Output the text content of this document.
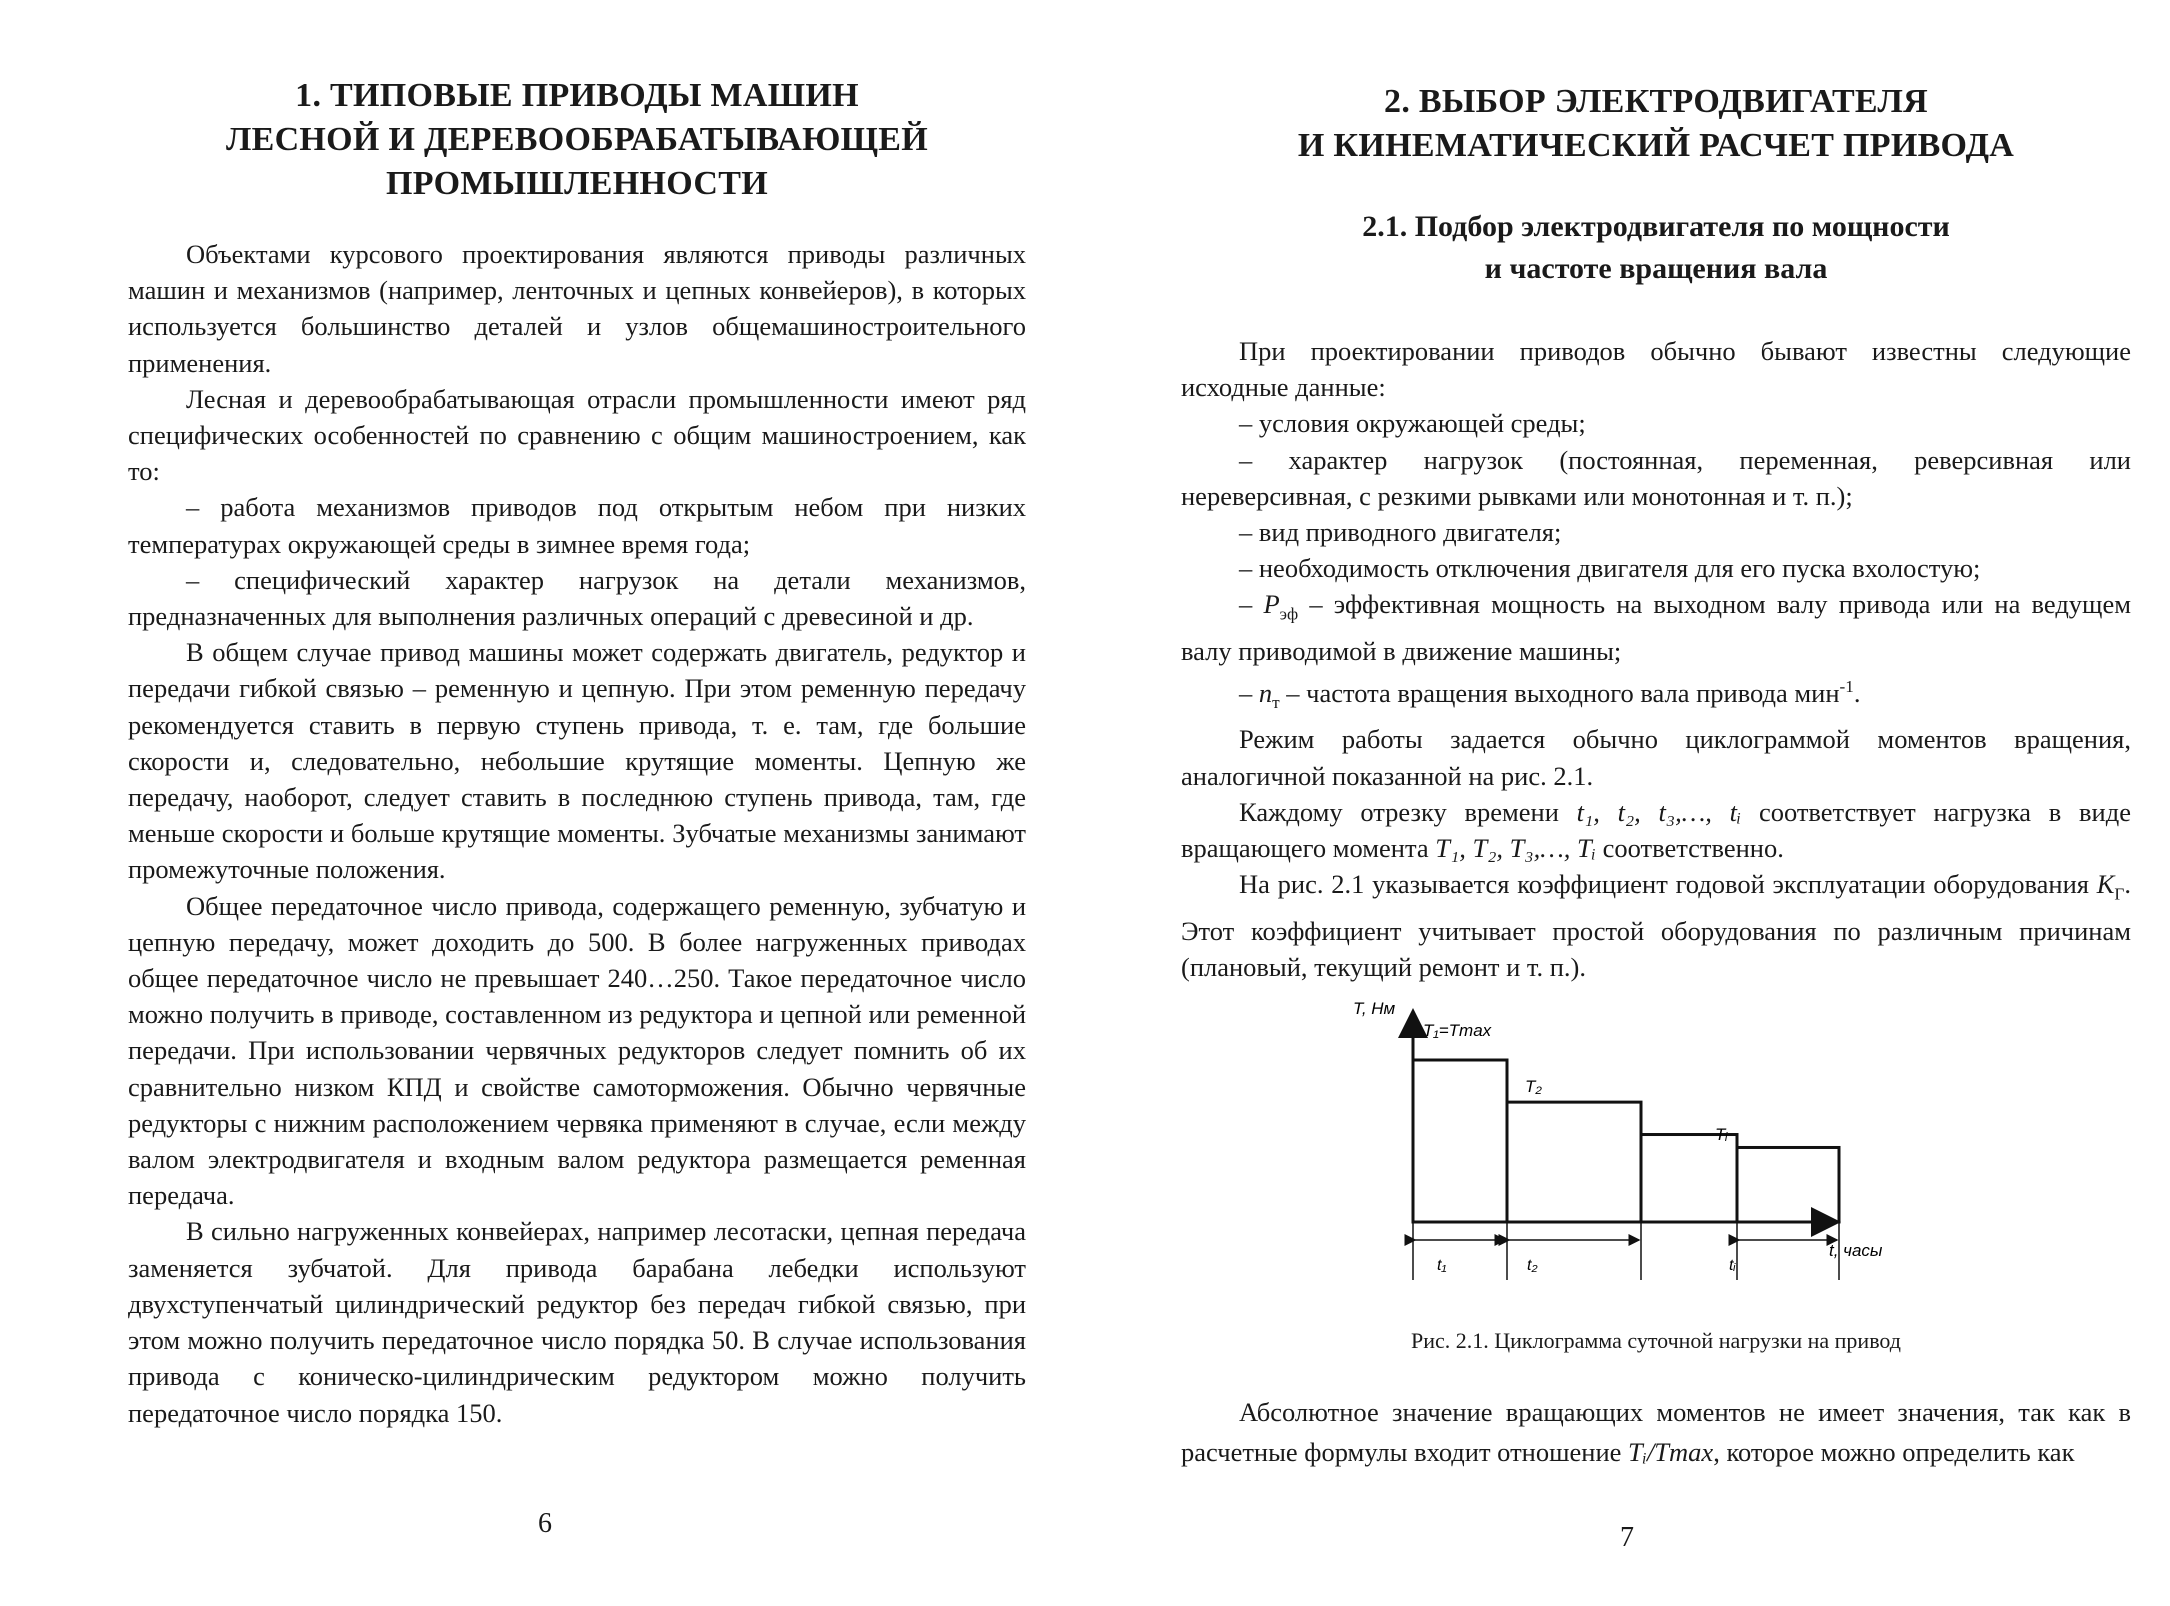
1. ТИПОВЫЕ ПРИВОДЫ МАШИН
ЛЕСНОЙ И ДЕРЕВООБРАБАТЫВАЮЩЕЙ
ПРОМЫШЛЕННОСТИ

Объектами курсового проектирования являются приводы различных машин и механизмов (например, ленточных и цепных конвейеров), в которых используется большинство деталей и узлов общемашиностроительного применения.

Лесная и деревообрабатывающая отрасли промышленности имеют ряд специфических особенностей по сравнению с общим машиностроением, как то:

– работа механизмов приводов под открытым небом при низких температурах окружающей среды в зимнее время года;

– специфический характер нагрузок на детали механизмов, предназначенных для выполнения различных операций с древесиной и др.

В общем случае привод машины может содержать двигатель, редуктор и передачи гибкой связью – ременную и цепную. При этом ременную передачу рекомендуется ставить в первую ступень привода, т. е. там, где большие скорости и, следовательно, небольшие крутящие моменты. Цепную же передачу, наоборот, следует ставить в последнюю ступень привода, там, где меньше скорости и больше крутящие моменты. Зубчатые механизмы занимают промежуточные положения.

Общее передаточное число привода, содержащего ременную, зубчатую и цепную передачу, может доходить до 500. В более нагруженных приводах общее передаточное число не превышает 240…250. Такое передаточное число можно получить в приводе, составленном из редуктора и цепной или ременной передачи. При использовании червячных редукторов следует помнить об их сравнительно низком КПД и свойстве самоторможения. Обычно червячные редукторы с нижним расположением червяка применяют в случае, если между валом электродвигателя и входным валом редуктора размещается ременная передача.

В сильно нагруженных конвейерах, например лесотаски, цепная передача заменяется зубчатой. Для привода барабана лебедки используют двухступенчатый цилиндрический редуктор без передач гибкой связью, при этом можно получить передаточное число порядка 50. В случае использования привода с коническо-цилиндрическим редуктором можно получить передаточное число порядка 150.

6
2. ВЫБОР ЭЛЕКТРОДВИГАТЕЛЯ
И КИНЕМАТИЧЕСКИЙ РАСЧЕТ ПРИВОДА
2.1. Подбор электродвигателя по мощности
и частоте вращения вала

При проектировании приводов обычно бывают известны следующие исходные данные:

– условия окружающей среды;

– характер нагрузок (постоянная, переменная, реверсивная или нереверсивная, с резкими рывками или монотонная и т. п.);

– вид приводного двигателя;

– необходимость отключения двигателя для его пуска вхолостую;

– $P_{эф}$ – эффективная мощность на выходном валу привода или на ведущем валу приводимой в движение машины;

– $n_т$ – частота вращения выходного вала привода мин$^{-1}$.

Режим работы задается обычно циклограммой моментов вращения, аналогичной показанной на рис. 2.1.

Каждому отрезку времени t₁, t₂, t₃,…, tᵢ соответствует нагрузка в виде вращающего момента T₁, T₂, T₃,…, Tᵢ соответственно.

На рис. 2.1 указывается коэффициент годовой эксплуатации оборудования $K_Г$. Этот коэффициент учитывает простой оборудования по различным причинам (плановый, текущий ремонт и т. п.).

T, Нм
t, часы
T₁=Tmax
T₂
Tᵢ
t₁	t₂	tᵢ
Рис. 2.1. Циклограмма суточной нагрузки на привод

Абсолютное значение вращающих моментов не имеет значения, так как в расчетные формулы входит отношение Tᵢ/Tmax, которое можно определить как

7
